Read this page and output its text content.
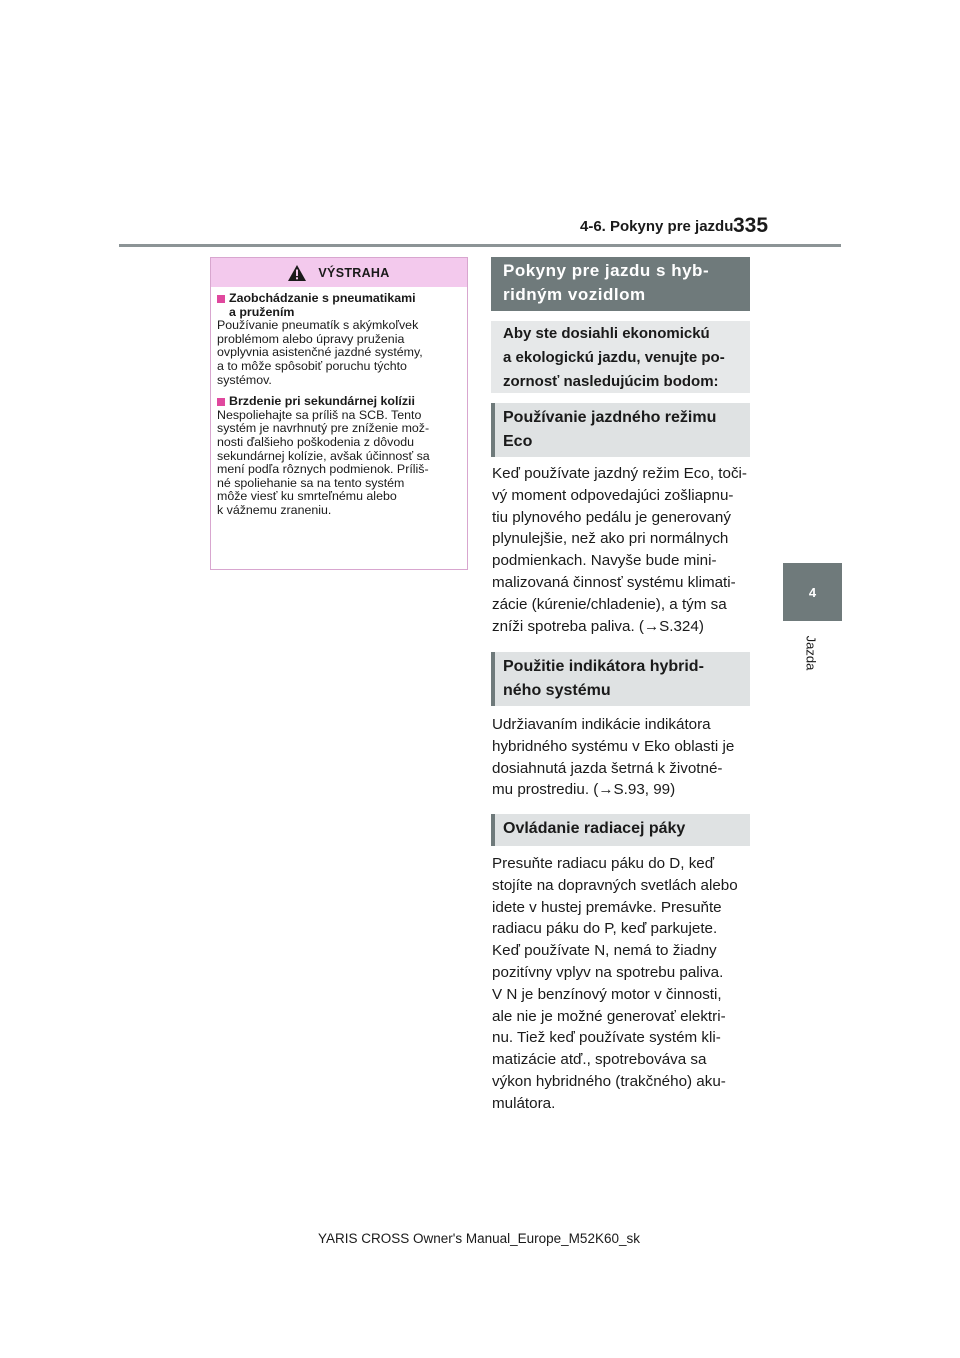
4-6. Pokyny pre jazdu 335
4
Jazda
VÝSTRAHA
Zaobchádzanie s pneumatikami
a pružením
Používanie pneumatík s akýmkoľvek
problémom alebo úpravy pruženia
ovplyvnia asistenčné jazdné systémy,
a to môže spôsobiť poruchu týchto
systémov.
Brzdenie pri sekundárnej kolízii
Nespoliehajte sa príliš na SCB. Tento
systém je navrhnutý pre zníženie mož-
nosti ďalšieho poškodenia z dôvodu
sekundárnej kolízie, avšak účinnosť sa
mení podľa rôznych podmienok. Príliš-
né spoliehanie sa na tento systém
môže viesť ku smrteľnému alebo
k vážnemu zraneniu.
Pokyny pre jazdu s hyb-
ridným vozidlom
Aby ste dosiahli ekonomickú
a ekologickú jazdu, venujte po-
zornosť nasledujúcim bodom:
Používanie jazdného režimu
Eco
Keď používate jazdný režim Eco, toči-
vý moment odpovedajúci zošliapnu-
tiu plynového pedálu je generovaný
plynulejšie, než ako pri normálnych
podmienkach. Navyše bude mini-
malizovaná činnosť systému klimati-
zácie (kúrenie/chladenie), a tým sa
zníži spotreba paliva. (→S.324)
Použitie indikátora hybrid-
ného systému
Udržiavaním indikácie indikátora
hybridného systému v Eko oblasti je
dosiahnutá jazda šetrná k životné-
mu prostrediu. (→S.93, 99)
Ovládanie radiacej páky
Presuňte radiacu páku do D, keď
stojíte na dopravných svetlách alebo
idete v hustej premávke. Presuňte
radiacu páku do P, keď parkujete.
Keď používate N, nemá to žiadny
pozitívny vplyv na spotrebu paliva.
V N je benzínový motor v činnosti,
ale nie je možné generovať elektri-
nu. Tiež keď používate systém kli-
matizácie atď., spotrebováva sa
výkon hybridného (trakčného) aku-
mulátora.
YARIS CROSS Owner's Manual_Europe_M52K60_sk
